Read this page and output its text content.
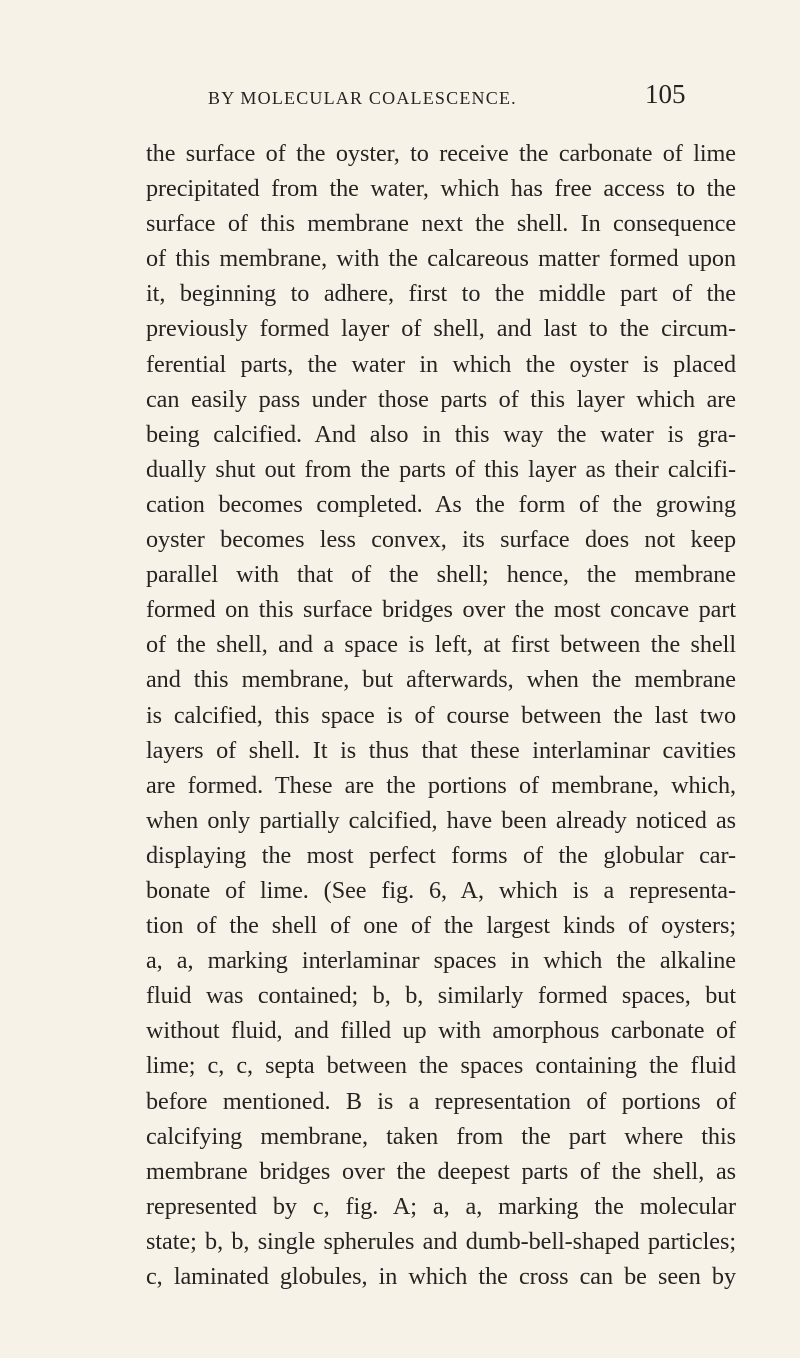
BY MOLECULAR COALESCENCE.	105
the surface of the oyster, to receive the carbonate of lime
precipitated from the water, which has free access to the
surface of this membrane next the shell. In consequence
of this membrane, with the calcareous matter formed upon
it, beginning to adhere, first to the middle part of the
previously formed layer of shell, and last to the circum-
ferential parts, the water in which the oyster is placed
can easily pass under those parts of this layer which are
being calcified. And also in this way the water is gra-
dually shut out from the parts of this layer as their calcifi-
cation becomes completed. As the form of the growing
oyster becomes less convex, its surface does not keep
parallel with that of the shell; hence, the membrane
formed on this surface bridges over the most concave part
of the shell, and a space is left, at first between the shell
and this membrane, but afterwards, when the membrane
is calcified, this space is of course between the last two
layers of shell. It is thus that these interlaminar cavities
are formed. These are the portions of membrane, which,
when only partially calcified, have been already noticed as
displaying the most perfect forms of the globular car-
bonate of lime. (See fig. 6, A, which is a representa-
tion of the shell of one of the largest kinds of oysters;
a, a, marking interlaminar spaces in which the alkaline
fluid was contained; b, b, similarly formed spaces, but
without fluid, and filled up with amorphous carbonate of
lime; c, c, septa between the spaces containing the fluid
before mentioned. B is a representation of portions of
calcifying membrane, taken from the part where this
membrane bridges over the deepest parts of the shell, as
represented by c, fig. A; a, a, marking the molecular
state; b, b, single spherules and dumb-bell-shaped particles;
c, laminated globules, in which the cross can be seen by
